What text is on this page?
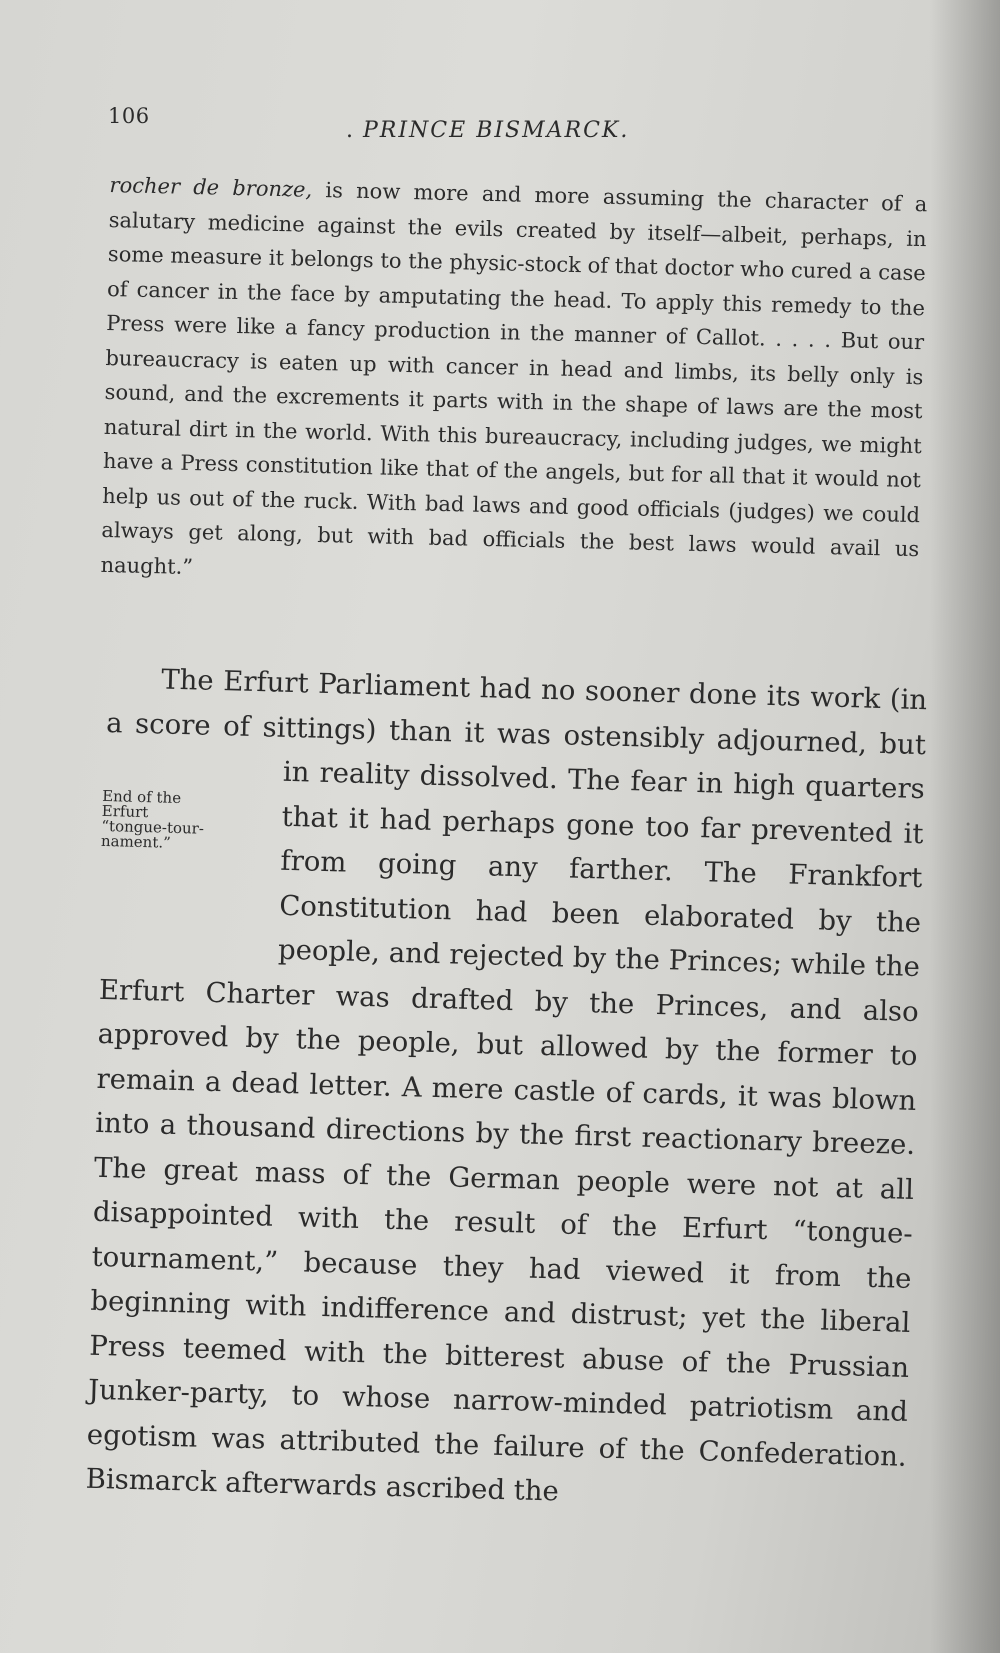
106
. PRINCE BISMARCK.

rocher de bronze, is now more and more assuming the character of a salutary medicine against the evils created by itself—albeit, perhaps, in some measure it belongs to the physic-stock of that doctor who cured a case of cancer in the face by amputating the head. To apply this remedy to the Press were like a fancy production in the manner of Callot. . . . . But our bureaucracy is eaten up with cancer in head and limbs, its belly only is sound, and the excrements it parts with in the shape of laws are the most natural dirt in the world. With this bureaucracy, including judges, we might have a Press constitution like that of the angels, but for all that it would not help us out of the ruck. With bad laws and good officials (judges) we could always get along, but with bad officials the best laws would avail us naught.”

The Erfurt Parliament had no sooner done its work (in a score of sittings) than it was ostensibly adjourned,
End of the
Erfurt
“tongue-tour-
nament.”
but in reality dissolved. The fear in high quarters that it had perhaps gone too far prevented it from going any farther. The Frankfort Constitution had been elaborated by the people, and rejected by the Princes; while the Erfurt Charter was drafted by the Princes, and also approved by the people, but allowed by the former to remain a dead letter. A mere castle of cards, it was blown into a thousand directions by the first reactionary breeze. The great mass of the German people were not at all disappointed with the result of the Erfurt “tongue-tournament,” because they had viewed it from the beginning with indifference and distrust; yet the liberal Press teemed with the bitterest abuse of the Prussian Junker-party, to whose narrow-minded patriotism and egotism was attributed the failure of the Confederation. Bismarck afterwards ascribed the
